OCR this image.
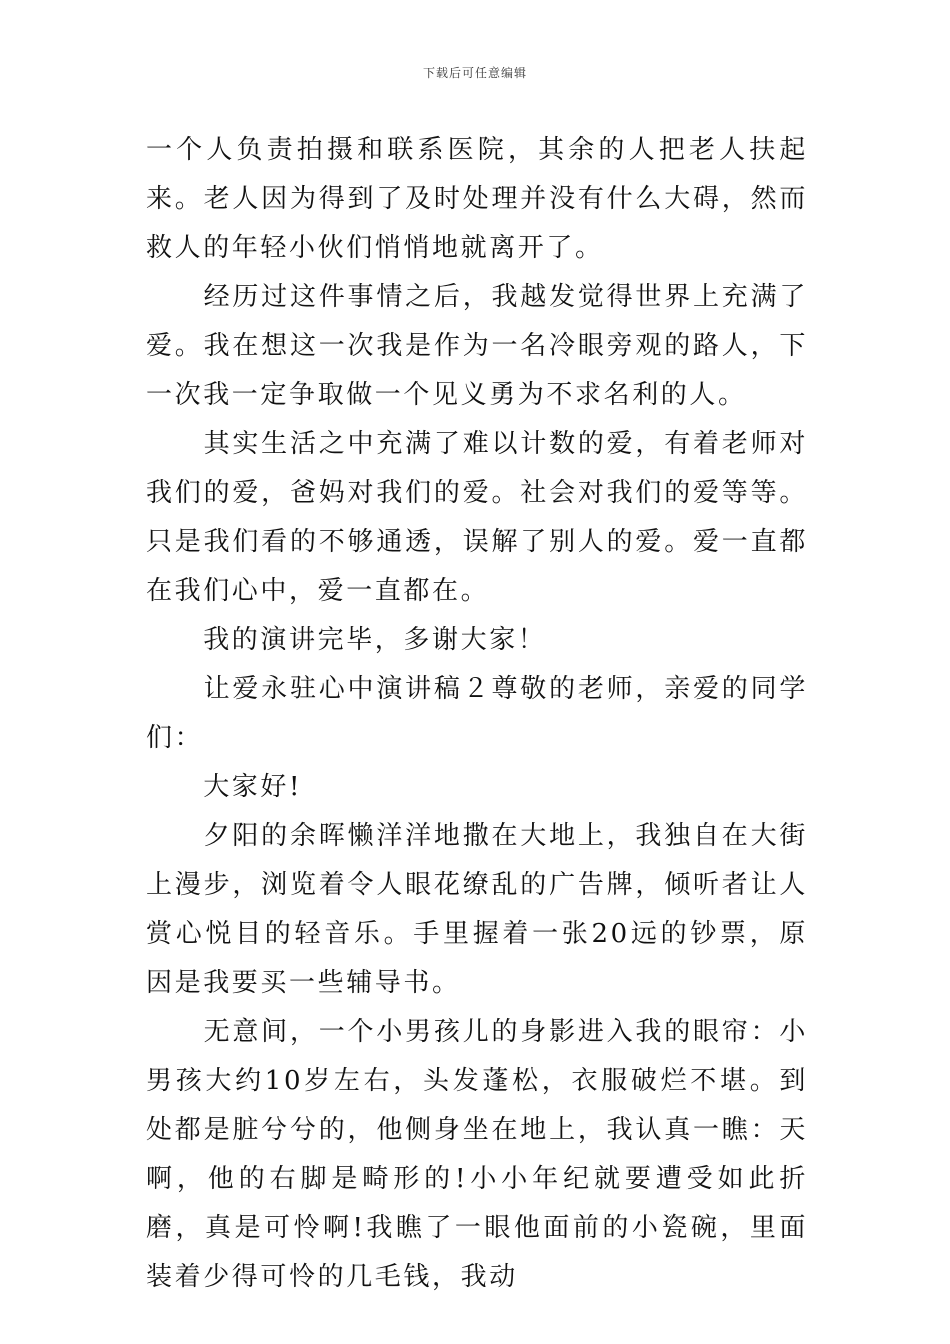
下载后可任意编辑

一个人负责拍摄和联系医院，其余的人把老人扶起来。老人因为得到了及时处理并没有什么大碍，然而救人的年轻小伙们悄悄地就离开了。

　　经历过这件事情之后，我越发觉得世界上充满了爱。我在想这一次我是作为一名冷眼旁观的路人，下一次我一定争取做一个见义勇为不求名利的人。

　　其实生活之中充满了难以计数的爱，有着老师对我们的爱，爸妈对我们的爱。社会对我们的爱等等。只是我们看的不够通透，误解了别人的爱。爱一直都在我们心中，爱一直都在。

　　我的演讲完毕，多谢大家！

　　让爱永驻心中演讲稿２尊敬的老师，亲爱的同学们：

　　大家好!

　　夕阳的余晖懒洋洋地撒在大地上，我独自在大街上漫步，浏览着令人眼花缭乱的广告牌，倾听者让人赏心悦目的轻音乐。手里握着一张20远的钞票，原因是我要买一些辅导书。

　　无意间，一个小男孩儿的身影进入我的眼帘：小男孩大约10岁左右，头发蓬松，衣服破烂不堪。到处都是脏兮兮的，他侧身坐在地上，我认真一瞧：天啊，他的右脚是畸形的!小小年纪就要遭受如此折磨，真是可怜啊!我瞧了一眼他面前的小瓷碗，里面装着少得可怜的几毛钱，我动
